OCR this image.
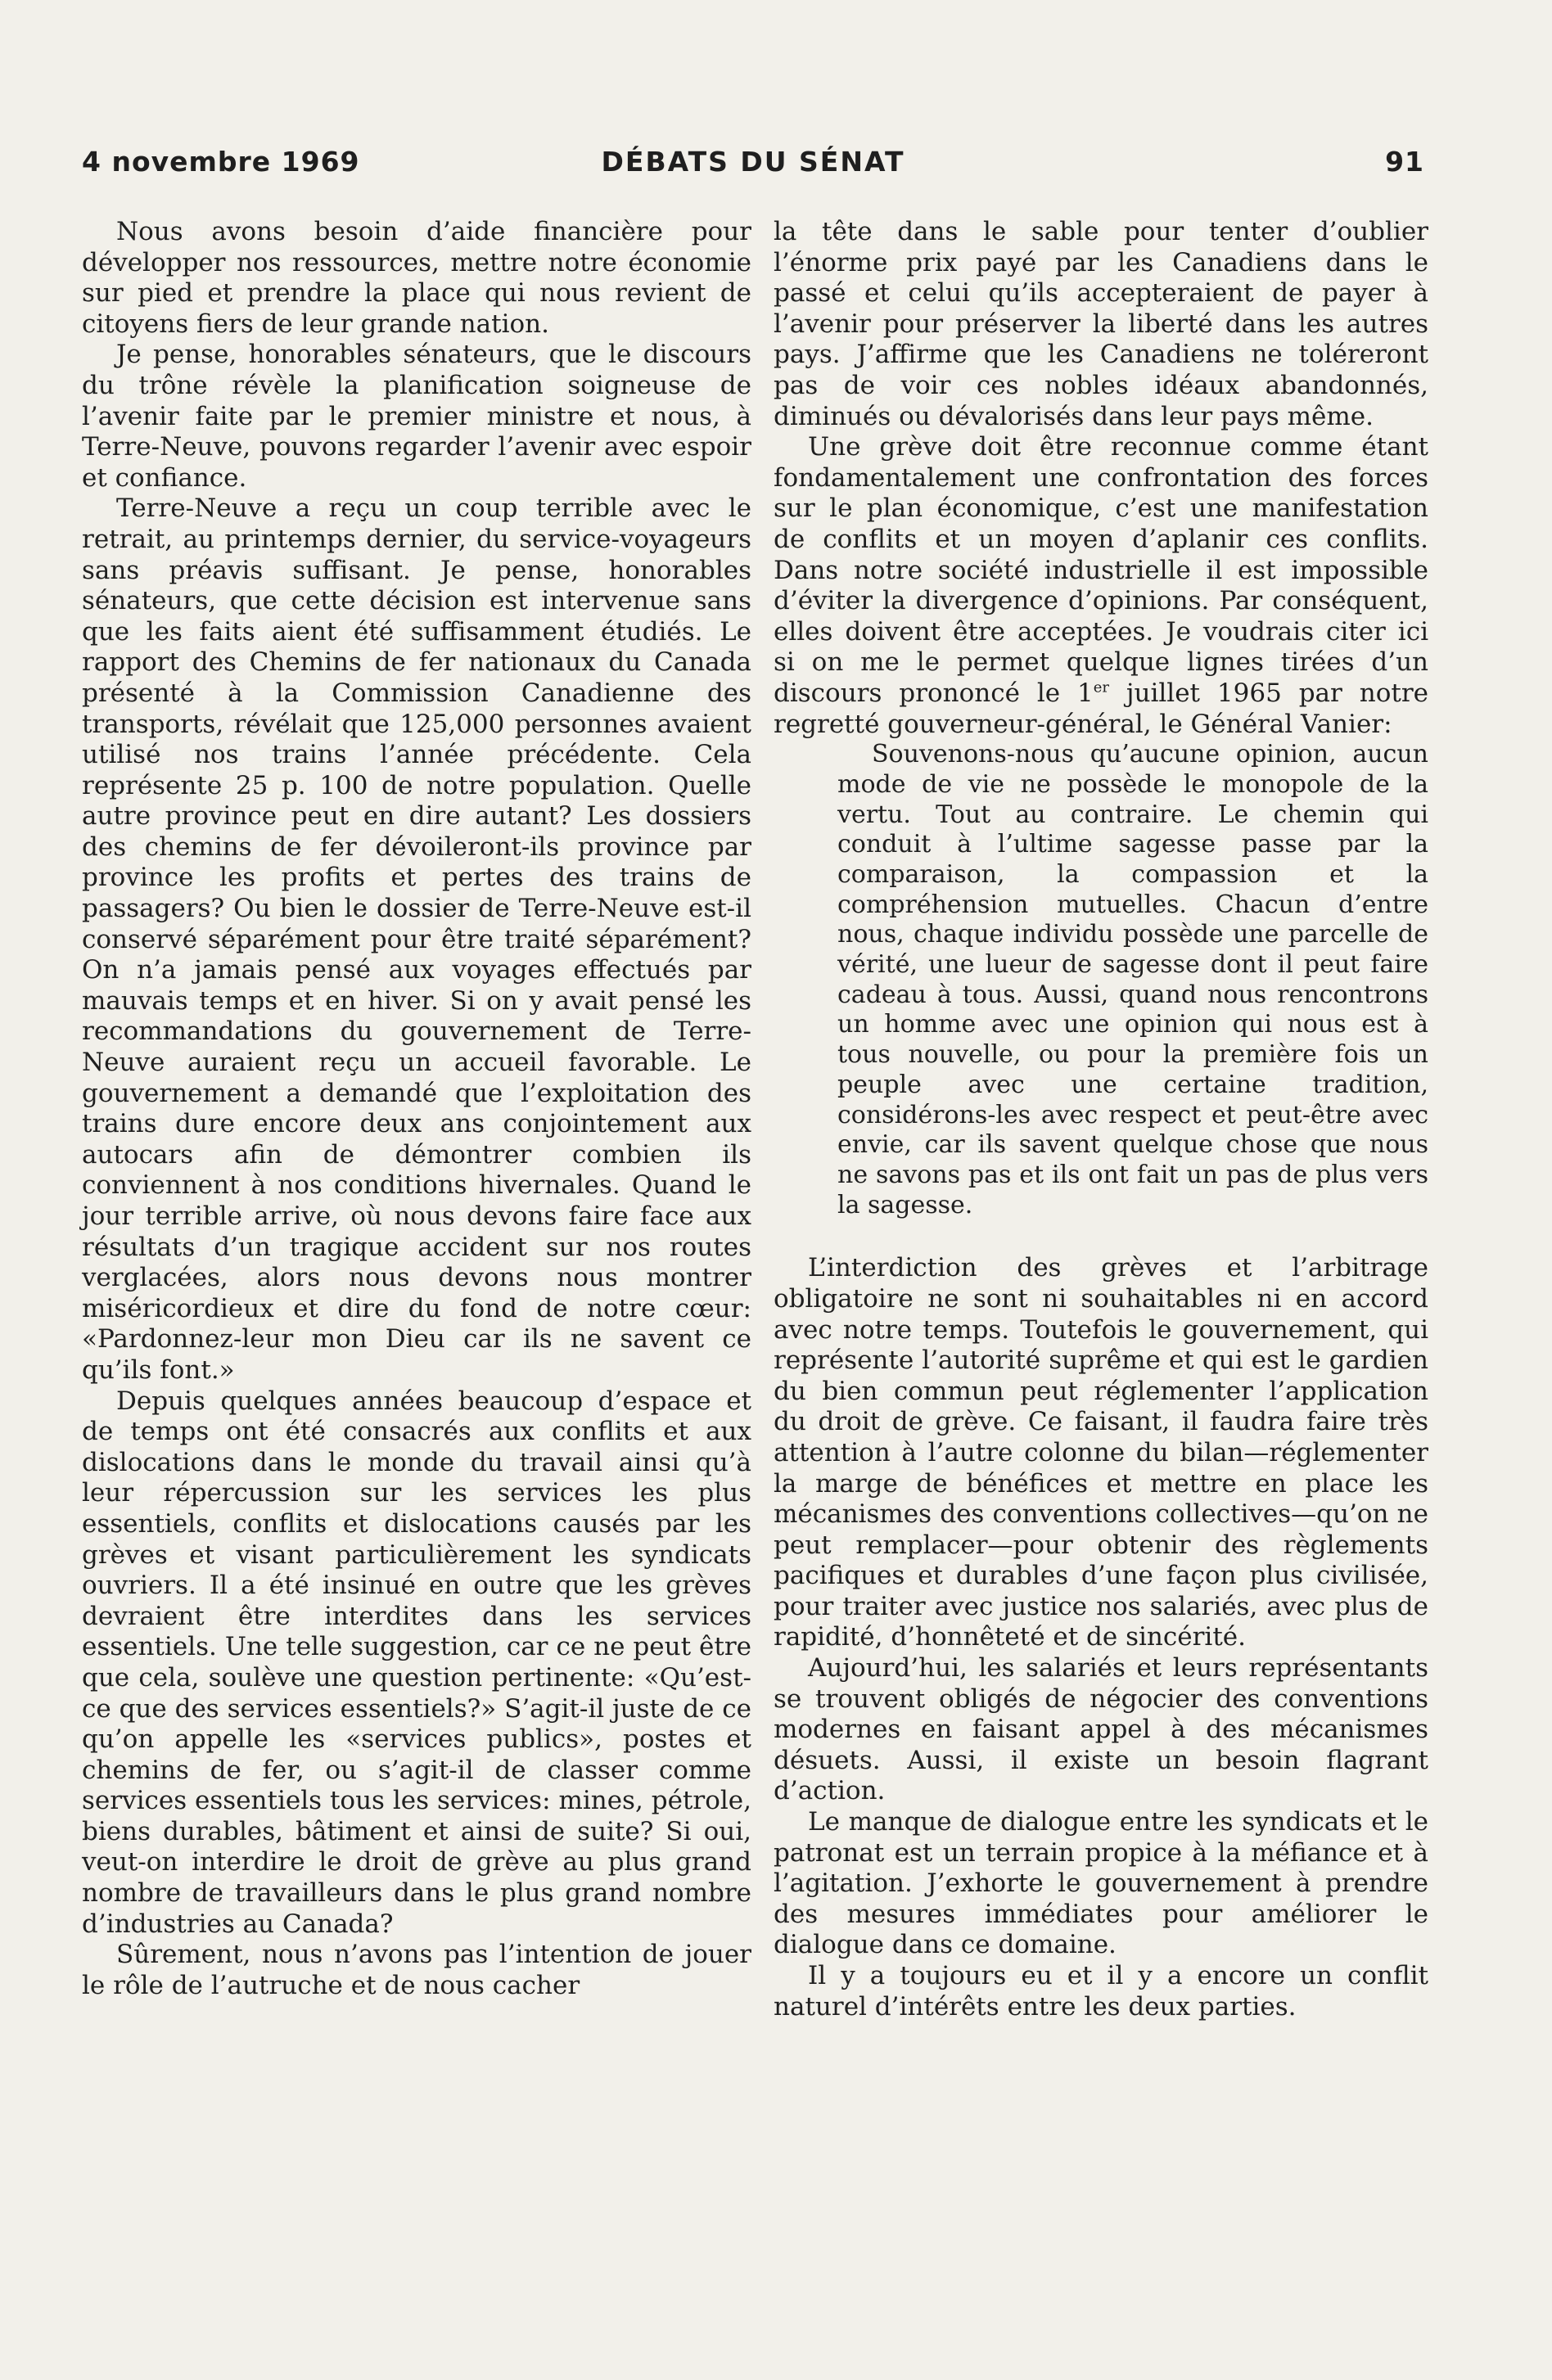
4 novembre 1969	DÉBATS DU SÉNAT	91

Nous avons besoin d’aide financière pour développer nos ressources, mettre notre économie sur pied et prendre la place qui nous revient de citoyens fiers de leur grande nation.

Je pense, honorables sénateurs, que le discours du trône révèle la planification soigneuse de l’avenir faite par le premier ministre et nous, à Terre-Neuve, pouvons regarder l’avenir avec espoir et confiance.

Terre-Neuve a reçu un coup terrible avec le retrait, au printemps dernier, du service-voyageurs sans préavis suffisant. Je pense, honorables sénateurs, que cette décision est intervenue sans que les faits aient été suffisamment étudiés. Le rapport des Chemins de fer nationaux du Canada présenté à la Commission Canadienne des transports, révélait que 125,000 personnes avaient utilisé nos trains l’année précédente. Cela représente 25 p. 100 de notre population. Quelle autre province peut en dire autant? Les dossiers des chemins de fer dévoileront-ils province par province les profits et pertes des trains de passagers? Ou bien le dossier de Terre-Neuve est-il conservé séparément pour être traité séparément? On n’a jamais pensé aux voyages effectués par mauvais temps et en hiver. Si on y avait pensé les recommandations du gouvernement de Terre-Neuve auraient reçu un accueil favorable. Le gouvernement a demandé que l’exploitation des trains dure encore deux ans conjointement aux autocars afin de démontrer combien ils conviennent à nos conditions hivernales. Quand le jour terrible arrive, où nous devons faire face aux résultats d’un tragique accident sur nos routes verglacées, alors nous devons nous montrer miséricordieux et dire du fond de notre cœur: «Pardonnez-leur mon Dieu car ils ne savent ce qu’ils font.»

Depuis quelques années beaucoup d’espace et de temps ont été consacrés aux conflits et aux dislocations dans le monde du travail ainsi qu’à leur répercussion sur les services les plus essentiels, conflits et dislocations causés par les grèves et visant particulièrement les syndicats ouvriers. Il a été insinué en outre que les grèves devraient être interdites dans les services essentiels. Une telle suggestion, car ce ne peut être que cela, soulève une question pertinente: «Qu’est-ce que des services essentiels?» S’agit-il juste de ce qu’on appelle les «services publics», postes et chemins de fer, ou s’agit-il de classer comme services essentiels tous les services: mines, pétrole, biens durables, bâtiment et ainsi de suite? Si oui, veut-on interdire le droit de grève au plus grand nombre de travailleurs dans le plus grand nombre d’industries au Canada?

Sûrement, nous n’avons pas l’intention de jouer le rôle de l’autruche et de nous cacher

la tête dans le sable pour tenter d’oublier l’énorme prix payé par les Canadiens dans le passé et celui qu’ils accepteraient de payer à l’avenir pour préserver la liberté dans les autres pays. J’affirme que les Canadiens ne toléreront pas de voir ces nobles idéaux abandonnés, diminués ou dévalorisés dans leur pays même.

Une grève doit être reconnue comme étant fondamentalement une confrontation des forces sur le plan économique, c’est une manifestation de conflits et un moyen d’aplanir ces conflits. Dans notre société industrielle il est impossible d’éviter la divergence d’opinions. Par conséquent, elles doivent être acceptées. Je voudrais citer ici si on me le permet quelque lignes tirées d’un discours prononcé le 1er juillet 1965 par notre regretté gouverneur-général, le Général Vanier:

Souvenons-nous qu’aucune opinion, aucun mode de vie ne possède le monopole de la vertu. Tout au contraire. Le chemin qui conduit à l’ultime sagesse passe par la comparaison, la compassion et la compréhension mutuelles. Chacun d’entre nous, chaque individu possède une parcelle de vérité, une lueur de sagesse dont il peut faire cadeau à tous. Aussi, quand nous rencontrons un homme avec une opinion qui nous est à tous nouvelle, ou pour la première fois un peuple avec une certaine tradition, considérons-les avec respect et peut-être avec envie, car ils savent quelque chose que nous ne savons pas et ils ont fait un pas de plus vers la sagesse.

L’interdiction des grèves et l’arbitrage obligatoire ne sont ni souhaitables ni en accord avec notre temps. Toutefois le gouvernement, qui représente l’autorité suprême et qui est le gardien du bien commun peut réglementer l’application du droit de grève. Ce faisant, il faudra faire très attention à l’autre colonne du bilan—réglementer la marge de bénéfices et mettre en place les mécanismes des conventions collectives—qu’on ne peut remplacer—pour obtenir des règlements pacifiques et durables d’une façon plus civilisée, pour traiter avec justice nos salariés, avec plus de rapidité, d’honnêteté et de sincérité.

Aujourd’hui, les salariés et leurs représentants se trouvent obligés de négocier des conventions modernes en faisant appel à des mécanismes désuets. Aussi, il existe un besoin flagrant d’action.

Le manque de dialogue entre les syndicats et le patronat est un terrain propice à la méfiance et à l’agitation. J’exhorte le gouvernement à prendre des mesures immédiates pour améliorer le dialogue dans ce domaine.

Il y a toujours eu et il y a encore un conflit naturel d’intérêts entre les deux parties.
